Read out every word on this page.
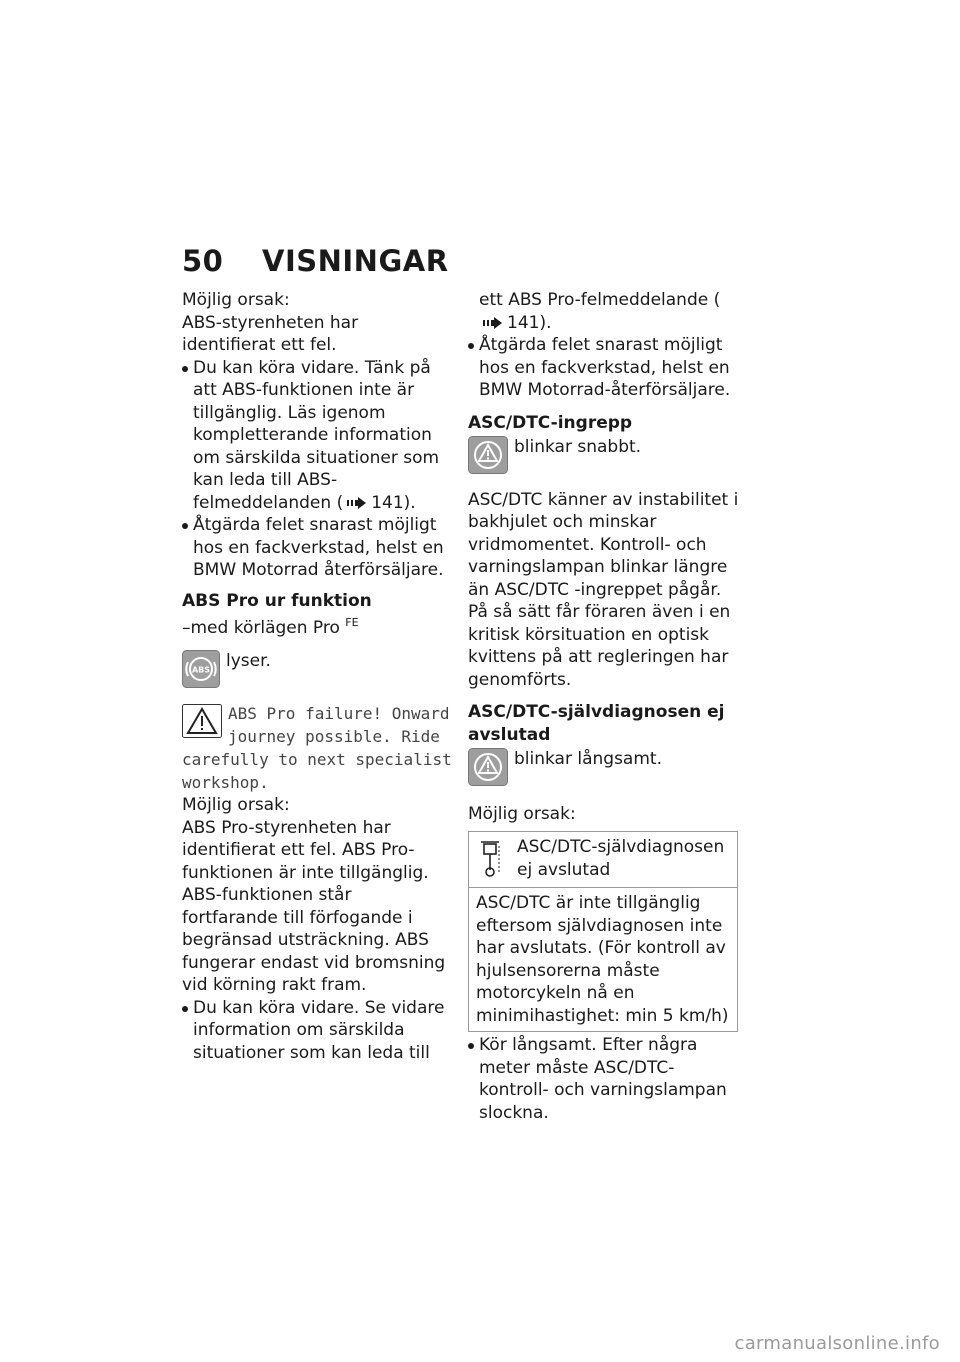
50 VISNINGAR

Möjlig orsak:

ABS-styrenheten har identifierat ett fel.

Du kan köra vidare. Tänk på att ABS-funktionen inte är tillgänglig. Läs igenom kompletterande information om särskilda situationer som kan leda till ABS-felmeddelanden ( 141).
Åtgärda felet snarast möjligt hos en fackverkstad, helst en BMW Motorrad återförsäljare.

ABS Pro ur funktion

–med körlägen Pro $^{FE}$

ABS lyser.

ABS Pro failure! Onward journey possible. Ride carefully to next specialist workshop.

Möjlig orsak:

ABS Pro-styrenheten har identifierat ett fel. ABS Pro-funktionen är inte tillgänglig. ABS-funktionen står fortfarande till förfogande i begränsad utsträckning. ABS fungerar endast vid bromsning vid körning rakt fram.

Du kan köra vidare. Se vidare information om särskilda situationer som kan leda till

ett ABS Pro-felmeddelande (141).

Åtgärda felet snarast möjligt hos en fackverkstad, helst en BMW Motorrad-återförsäljare.

ASC/DTC-ingrepp

blinkar snabbt.

ASC/DTC känner av instabilitet i bakhjulet och minskar vridmomentet. Kontroll- och varningslampan blinkar längre än ASC/DTC -ingreppet pågår. På så sätt får föraren även i en kritisk körsituation en optisk kvittens på att regleringen har genomförts.

ASC/DTC-självdiagnosen ej avslutad

blinkar långsamt.

Möjlig orsak:

ASC/DTC-självdiagnosen ej avslutad
ASC/DTC är inte tillgänglig eftersom självdiagnosen inte har avslutats. (För kontroll av hjulsensorerna måste motorcykeln nå en minimihastighet: min 5 km/h)
Kör långsamt. Efter några meter måste ASC/DTC-kontroll- och varningslampan slockna.
carmanualsonline.info
